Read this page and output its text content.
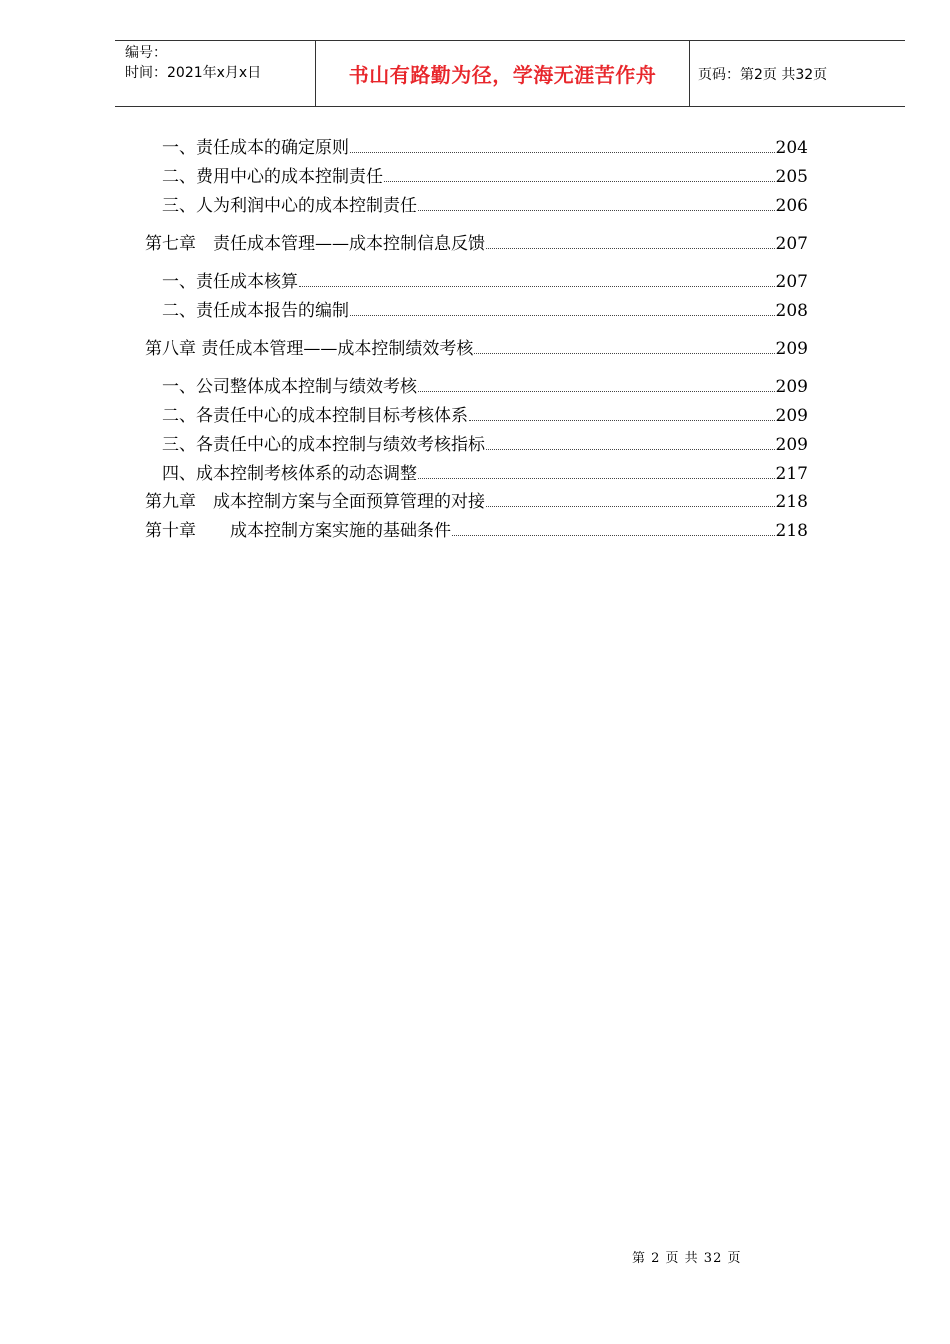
编号：
时间：2021年x月x日	书山有路勤为径，学海无涯苦作舟	页码：第2页 共32页
一、责任成本的确定原则	204
二、费用中心的成本控制责任	205
三、人为利润中心的成本控制责任	206
第七章　责任成本管理——成本控制信息反馈	207
一、责任成本核算	207
二、责任成本报告的编制	208
第八章 责任成本管理——成本控制绩效考核	209
一、公司整体成本控制与绩效考核	209
二、各责任中心的成本控制目标考核体系	209
三、各责任中心的成本控制与绩效考核指标	209
四、成本控制考核体系的动态调整	217
第九章　成本控制方案与全面预算管理的对接	218
第十章　　成本控制方案实施的基础条件	218
第 2 页 共 32 页
